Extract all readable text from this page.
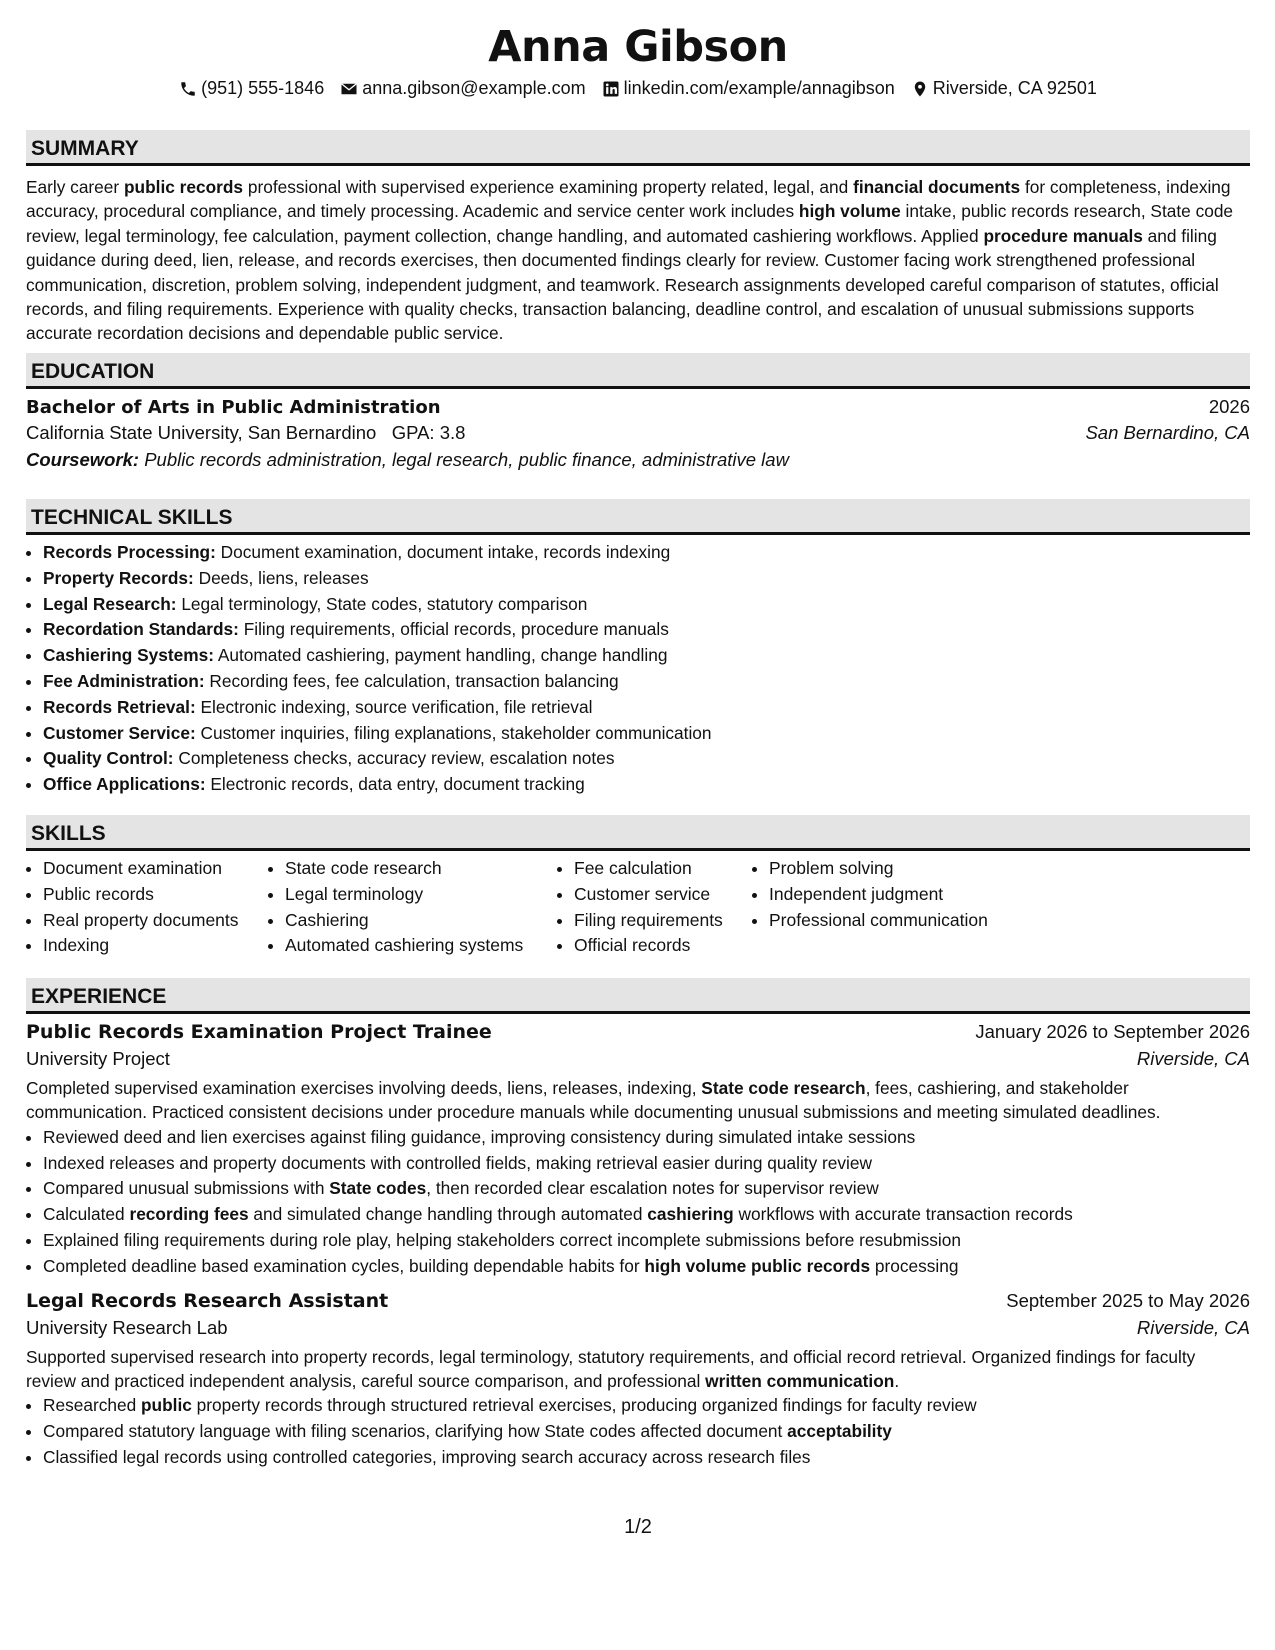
Anna Gibson
(951) 555-1846 anna.gibson@example.com linkedin.com/example/annagibson Riverside, CA 92501
SUMMARY

Early career public records professional with supervised experience examining property related, legal, and financial documents for completeness, indexing accuracy, procedural compliance, and timely processing. Academic and service center work includes high volume intake, public records research, State code review, legal terminology, fee calculation, payment collection, change handling, and automated cashiering workflows. Applied procedure manuals and filing guidance during deed, lien, release, and records exercises, then documented findings clearly for review. Customer facing work strengthened professional communication, discretion, problem solving, independent judgment, and teamwork. Research assignments developed careful comparison of statutes, official records, and filing requirements. Experience with quality checks, transaction balancing, deadline control, and escalation of unusual submissions supports accurate recordation decisions and dependable public service.

EDUCATION
Bachelor of Arts in Public Administration	2026
California State University, San Bernardino GPA: 3.8	San Bernardino, CA
Coursework: Public records administration, legal research, public finance, administrative law
TECHNICAL SKILLS
• Records Processing: Document examination, document intake, records indexing
• Property Records: Deeds, liens, releases
• Legal Research: Legal terminology, State codes, statutory comparison
• Recordation Standards: Filing requirements, official records, procedure manuals
• Cashiering Systems: Automated cashiering, payment handling, change handling
• Fee Administration: Recording fees, fee calculation, transaction balancing
• Records Retrieval: Electronic indexing, source verification, file retrieval
• Customer Service: Customer inquiries, filing explanations, stakeholder communication
• Quality Control: Completeness checks, accuracy review, escalation notes
• Office Applications: Electronic records, data entry, document tracking
SKILLS
• Document examination
• Public records
• Real property documents
• Indexing
• State code research
• Legal terminology
• Cashiering
• Automated cashiering systems
• Fee calculation
• Customer service
• Filing requirements
• Official records
• Problem solving
• Independent judgment
• Professional communication
EXPERIENCE
Public Records Examination Project Trainee	January 2026 to September 2026
University Project	Riverside, CA

Completed supervised examination exercises involving deeds, liens, releases, indexing, State code research, fees, cashiering, and stakeholder communication. Practiced consistent decisions under procedure manuals while documenting unusual submissions and meeting simulated deadlines.

• Reviewed deed and lien exercises against filing guidance, improving consistency during simulated intake sessions
• Indexed releases and property documents with controlled fields, making retrieval easier during quality review
• Compared unusual submissions with State codes, then recorded clear escalation notes for supervisor review
• Calculated recording fees and simulated change handling through automated cashiering workflows with accurate transaction records
• Explained filing requirements during role play, helping stakeholders correct incomplete submissions before resubmission
• Completed deadline based examination cycles, building dependable habits for high volume public records processing
Legal Records Research Assistant	September 2025 to May 2026
University Research Lab	Riverside, CA

Supported supervised research into property records, legal terminology, statutory requirements, and official record retrieval. Organized findings for faculty review and practiced independent analysis, careful source comparison, and professional written communication.

• Researched public property records through structured retrieval exercises, producing organized findings for faculty review
• Compared statutory language with filing scenarios, clarifying how State codes affected document acceptability
• Classified legal records using controlled categories, improving search accuracy across research files
1/2
